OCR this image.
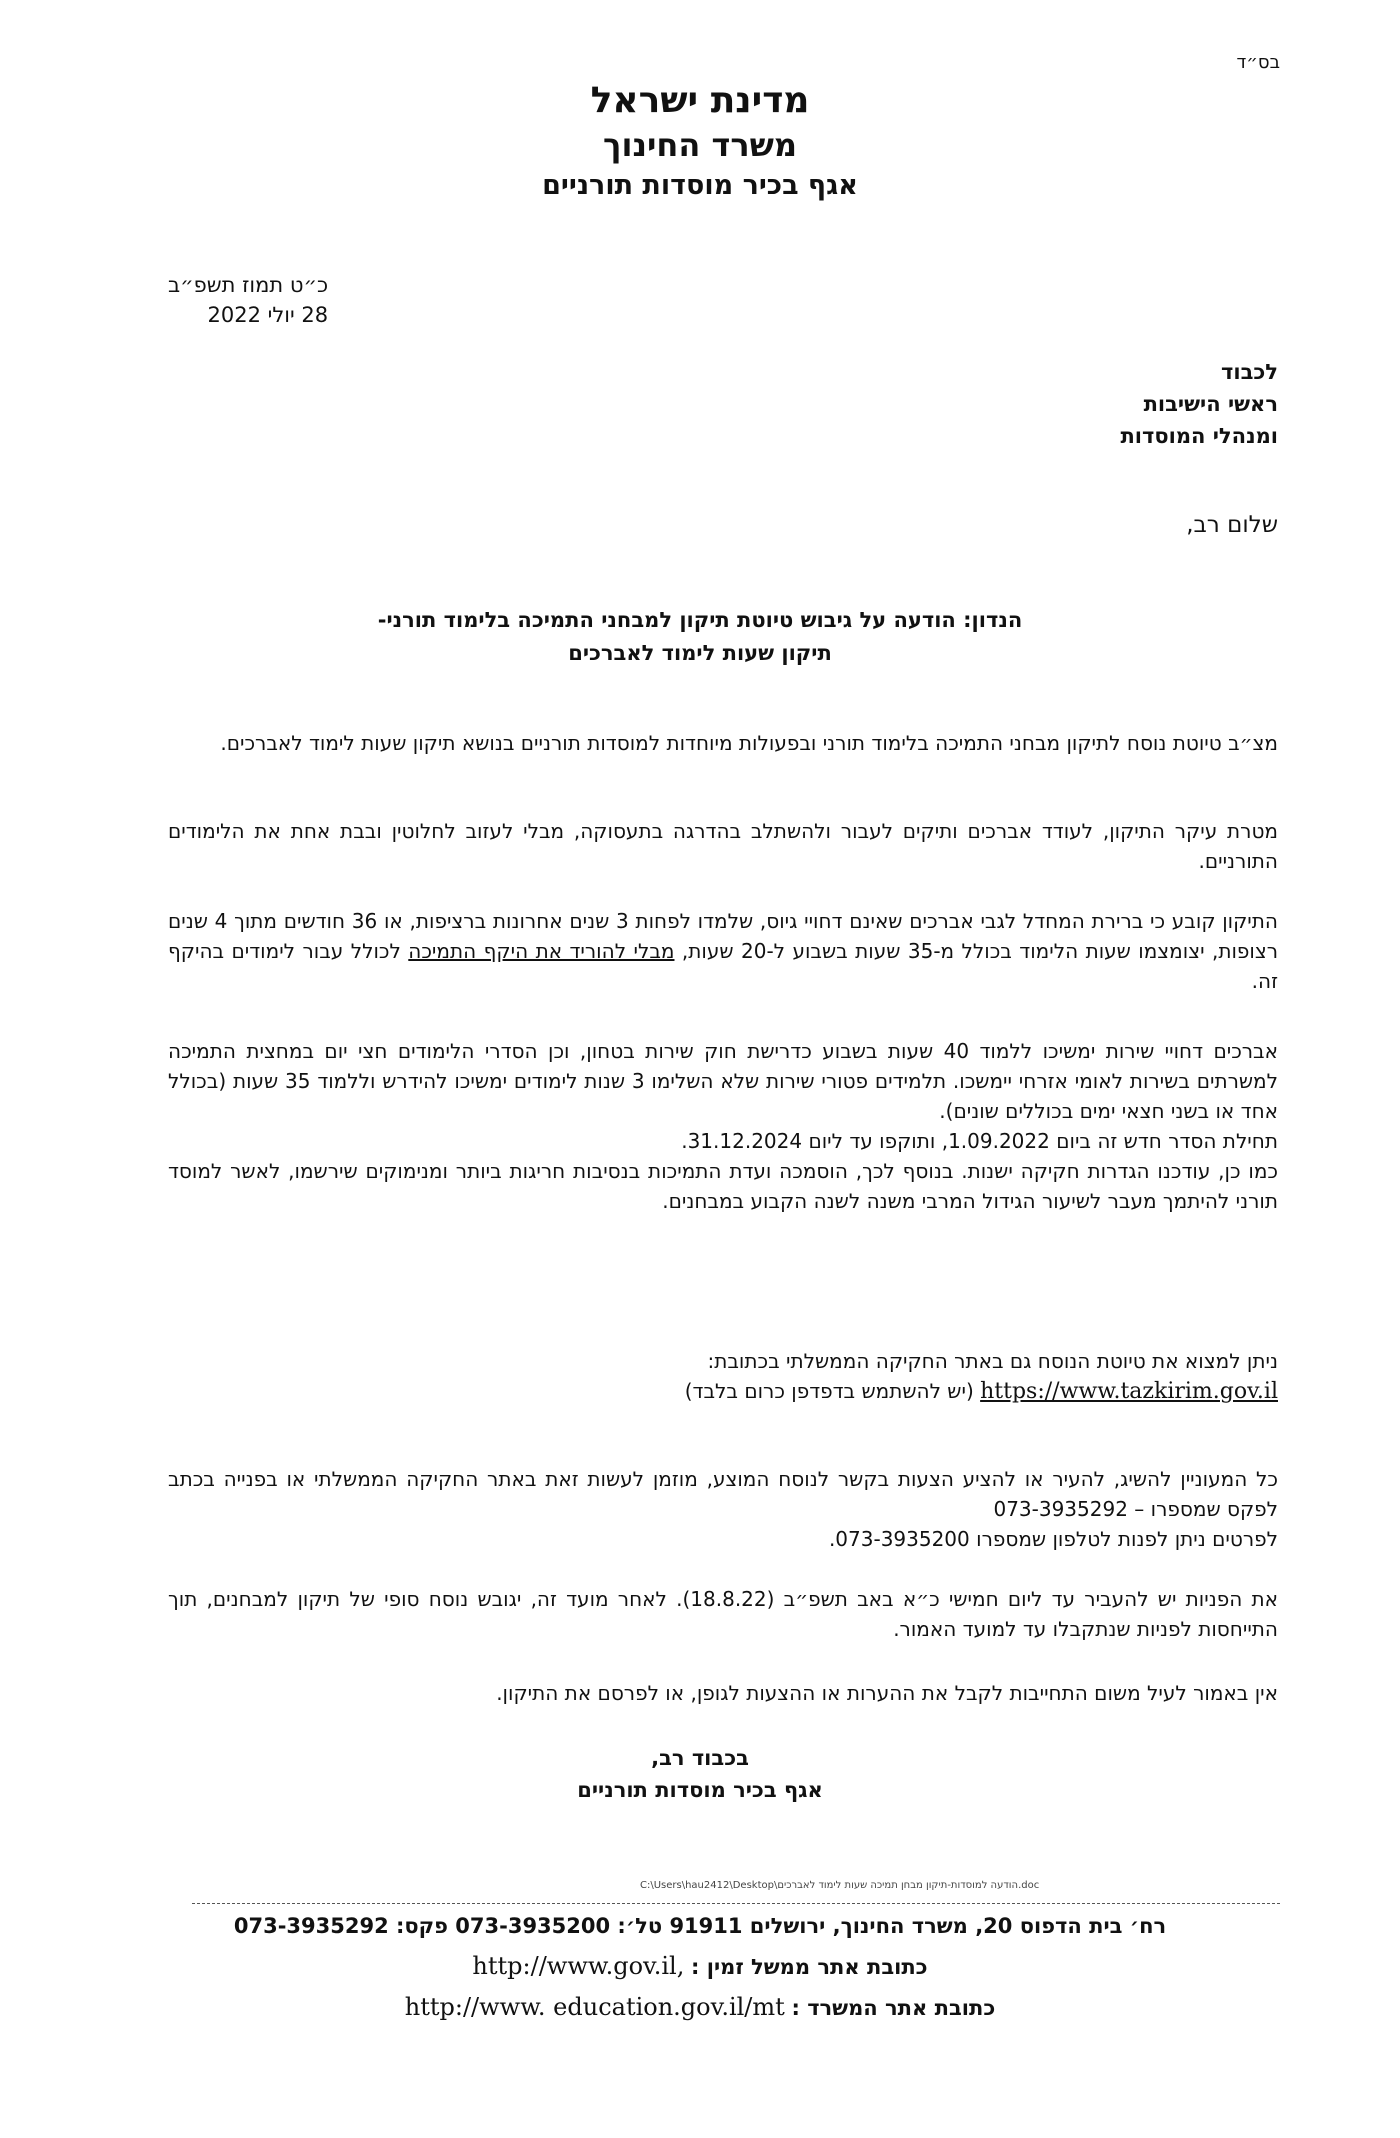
בס״ד
מדינת ישראל
משרד החינוך
אגף בכיר מוסדות תורניים
כ״ט תמוז תשפ״ב
28 יולי 2022
לכבוד
ראשי הישיבות
ומנהלי המוסדות
שלום רב,
הנדון: הודעה על גיבוש טיוטת תיקון למבחני התמיכה בלימוד תורני-
תיקון שעות לימוד לאברכים

מצ״ב טיוטת נוסח לתיקון מבחני התמיכה בלימוד תורני ובפעולות מיוחדות למוסדות תורניים בנושא תיקון שעות לימוד לאברכים.

מטרת עיקר התיקון, לעודד אברכים ותיקים לעבור ולהשתלב בהדרגה בתעסוקה, מבלי לעזוב לחלוטין ובבת אחת את הלימודים התורניים.

התיקון קובע כי ברירת המחדל לגבי אברכים שאינם דחויי גיוס, שלמדו לפחות 3 שנים אחרונות ברציפות, או 36 חודשים מתוך 4 שנים רצופות, יצומצמו שעות הלימוד בכולל מ-35 שעות בשבוע ל-20 שעות, מבלי להוריד את היקף התמיכה לכולל עבור לימודים בהיקף זה.

אברכים דחויי שירות ימשיכו ללמוד 40 שעות בשבוע כדרישת חוק שירות בטחון, וכן הסדרי הלימודים חצי יום במחצית התמיכה למשרתים בשירות לאומי אזרחי יימשכו. תלמידים פטורי שירות שלא השלימו 3 שנות לימודים ימשיכו להידרש וללמוד 35 שעות (בכולל אחד או בשני חצאי ימים בכוללים שונים).

תחילת הסדר חדש זה ביום 1.09.2022, ותוקפו עד ליום 31.12.2024.

כמו כן, עודכנו הגדרות חקיקה ישנות. בנוסף לכך, הוסמכה ועדת התמיכות בנסיבות חריגות ביותר ומנימוקים שירשמו, לאשר למוסד תורני להיתמך מעבר לשיעור הגידול המרבי משנה לשנה הקבוע במבחנים.

ניתן למצוא את טיוטת הנוסח גם באתר החקיקה הממשלתי בכתובת:

https://www.tazkirim.gov.il (יש להשתמש בדפדפן כרום בלבד)

כל המעוניין להשיג, להעיר או להציע הצעות בקשר לנוסח המוצע, מוזמן לעשות זאת באתר החקיקה הממשלתי או בפנייה בכתב לפקס שמספרו – 073-3935292

לפרטים ניתן לפנות לטלפון שמספרו 073-3935200.

את הפניות יש להעביר עד ליום חמישי כ״א באב תשפ״ב (18.8.22). לאחר מועד זה, יגובש נוסח סופי של תיקון למבחנים, תוך התייחסות לפניות שנתקבלו עד למועד האמור.

אין באמור לעיל משום התחייבות לקבל את ההערות או ההצעות לגופן, או לפרסם את התיקון.

בכבוד רב,
אגף בכיר מוסדות תורניים
C:\Users\hau2412\Desktop\הודעה למוסדות-תיקון מבחן תמיכה שעות לימוד לאברכים.doc
רח׳ בית הדפוס 20, משרד החינוך, ירושלים 91911 טל׳: 073-3935200 פקס: 073-3935292
כתובת אתר ממשל זמין : http://www.gov.il,
כתובת אתר המשרד : http://www. education.gov.il/mt
